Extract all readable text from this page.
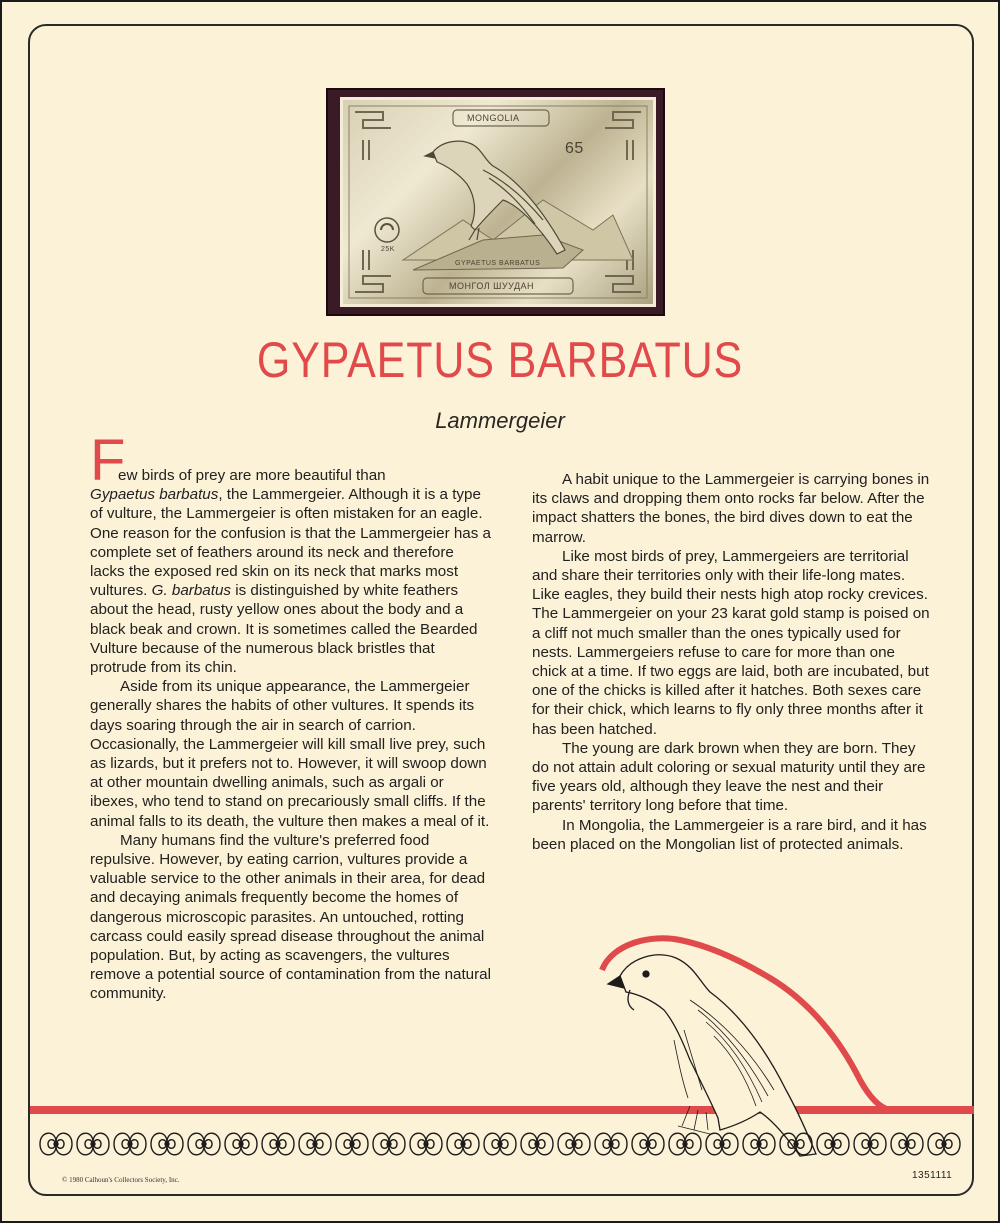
MONGOLIA
МОНГОЛ ШУУДАН
GYPAETUS BARBATUS
65
25K
GYPAETUS BARBATUS
Lammergeier
F

ew birds of prey are more beautiful than
Gypaetus barbatus, the Lammergeier. Although it is a type of vulture, the Lammergeier is often mistaken for an eagle. One reason for the confusion is that the Lammergeier has a complete set of feathers around its neck and therefore lacks the exposed red skin on its neck that marks most vultures. G. barbatus is distinguished by white feathers about the head, rusty yellow ones about the body and a black beak and crown. It is sometimes called the Bearded Vulture because of the numerous black bristles that protrude from its chin.

Aside from its unique appearance, the Lammergeier generally shares the habits of other vultures. It spends its days soaring through the air in search of carrion. Occasionally, the Lammergeier will kill small live prey, such as lizards, but it prefers not to. However, it will swoop down at other mountain dwelling animals, such as argali or ibexes, who tend to stand on precariously small cliffs. If the animal falls to its death, the vulture then makes a meal of it.

Many humans find the vulture's preferred food repulsive. However, by eating carrion, vultures provide a valuable service to the other animals in their area, for dead and decaying animals frequently become the homes of dangerous microscopic parasites. An untouched, rotting carcass could easily spread disease throughout the animal population. But, by acting as scavengers, the vultures remove a potential source of contamination from the natural community.

A habit unique to the Lammergeier is carrying bones in its claws and dropping them onto rocks far below. After the impact shatters the bones, the bird dives down to eat the marrow.

Like most birds of prey, Lammergeiers are territorial and share their territories only with their life-long mates. Like eagles, they build their nests high atop rocky crevices. The Lammergeier on your 23 karat gold stamp is poised on a cliff not much smaller than the ones typically used for nests. Lammergeiers refuse to care for more than one chick at a time. If two eggs are laid, both are incubated, but one of the chicks is killed after it hatches. Both sexes care for their chick, which learns to fly only three months after it has been hatched.

The young are dark brown when they are born. They do not attain adult coloring or sexual maturity until they are five years old, although they leave the nest and their parents' territory long before that time.

In Mongolia, the Lammergeier is a rare bird, and it has been placed on the Mongolian list of protected animals.

© 1980 Calhoun's Collectors Society, Inc.	1351111
